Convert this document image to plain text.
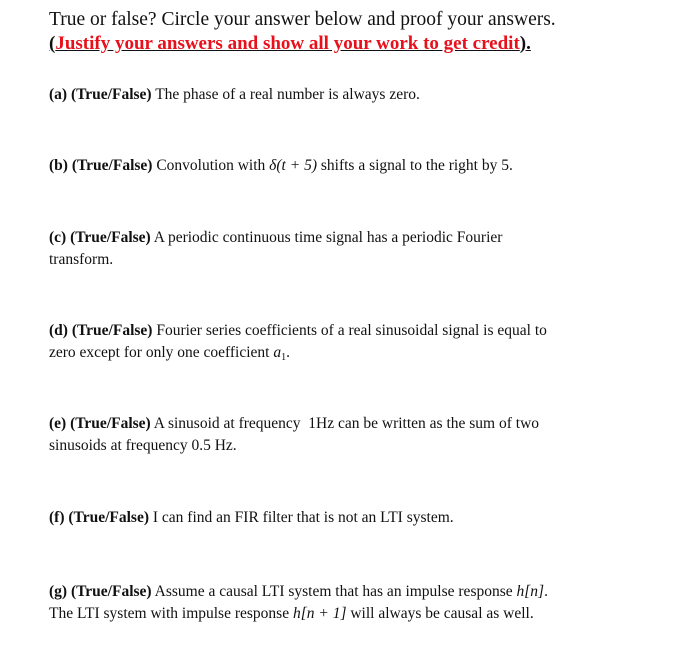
True or false? Circle your answer below and proof your answers.
(Justify your answers and show all your work to get credit).
(a) (True/False) The phase of a real number is always zero.
(b) (True/False) Convolution with δ(t + 5) shifts a signal to the right by 5.
(c) (True/False) A periodic continuous time signal has a periodic Fourier
transform.
(d) (True/False) Fourier series coefficients of a real sinusoidal signal is equal to
zero except for only one coefficient $a_1$.
(e) (True/False) A sinusoid at frequency 1Hz can be written as the sum of two
sinusoids at frequency 0.5 Hz.
(f) (True/False) I can find an FIR filter that is not an LTI system.
(g) (True/False) Assume a causal LTI system that has an impulse response h[n].
The LTI system with impulse response h[n + 1] will always be causal as well.
